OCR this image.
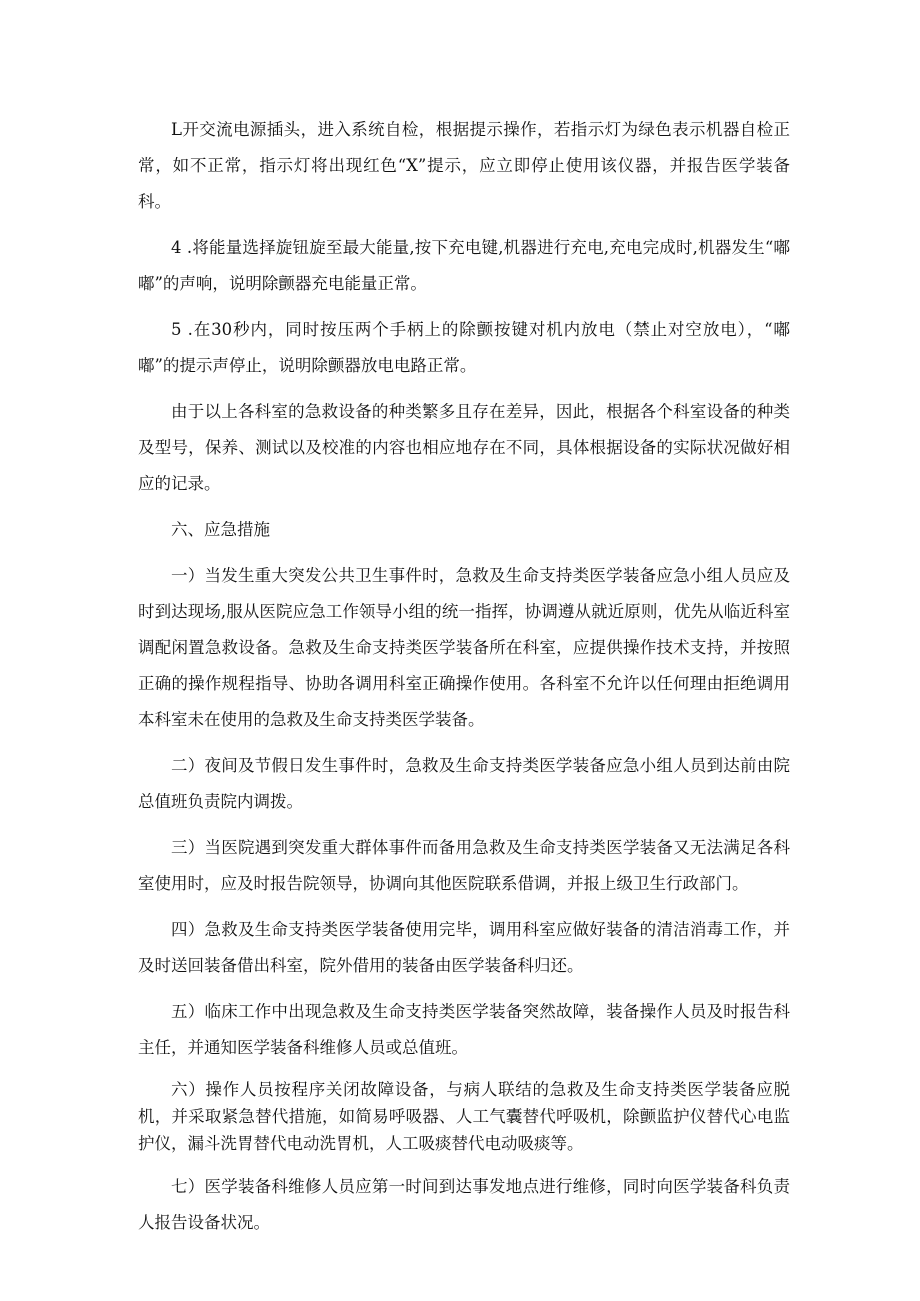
L开交流电源插头，进入系统自检，根据提示操作，若指示灯为绿色表示机器自检正常，如不正常，指示灯将出现红色“X”提示，应立即停止使用该仪器，并报告医学装备科。

4 .将能量选择旋钮旋至最大能量,按下充电键,机器进行充电,充电完成时,机器发生“嘟嘟”的声响，说明除颤器充电能量正常。

5 .在30秒内，同时按压两个手柄上的除颤按键对机内放电（禁止对空放电），“嘟嘟”的提示声停止，说明除颤器放电电路正常。

由于以上各科室的急救设备的种类繁多且存在差异，因此，根据各个科室设备的种类及型号，保养、测试以及校准的内容也相应地存在不同，具体根据设备的实际状况做好相应的记录。

六、应急措施

一）当发生重大突发公共卫生事件时，急救及生命支持类医学装备应急小组人员应及时到达现场,服从医院应急工作领导小组的统一指挥，协调遵从就近原则，优先从临近科室调配闲置急救设备。急救及生命支持类医学装备所在科室，应提供操作技术支持，并按照正确的操作规程指导、协助各调用科室正确操作使用。各科室不允许以任何理由拒绝调用本科室未在使用的急救及生命支持类医学装备。

二）夜间及节假日发生事件时，急救及生命支持类医学装备应急小组人员到达前由院总值班负责院内调拨。

三）当医院遇到突发重大群体事件而备用急救及生命支持类医学装备又无法满足各科室使用时，应及时报告院领导，协调向其他医院联系借调，并报上级卫生行政部门。

四）急救及生命支持类医学装备使用完毕，调用科室应做好装备的清洁消毒工作，并及时送回装备借出科室，院外借用的装备由医学装备科归还。

五）临床工作中出现急救及生命支持类医学装备突然故障，装备操作人员及时报告科主任，并通知医学装备科维修人员或总值班。

六）操作人员按程序关闭故障设备，与病人联结的急救及生命支持类医学装备应脱机，并采取紧急替代措施，如简易呼吸器、人工气囊替代呼吸机，除颤监护仪替代心电监护仪，漏斗洗胃替代电动洗胃机，人工吸痰替代电动吸痰等。

七）医学装备科维修人员应第一时间到达事发地点进行维修，同时向医学装备科负责人报告设备状况。
